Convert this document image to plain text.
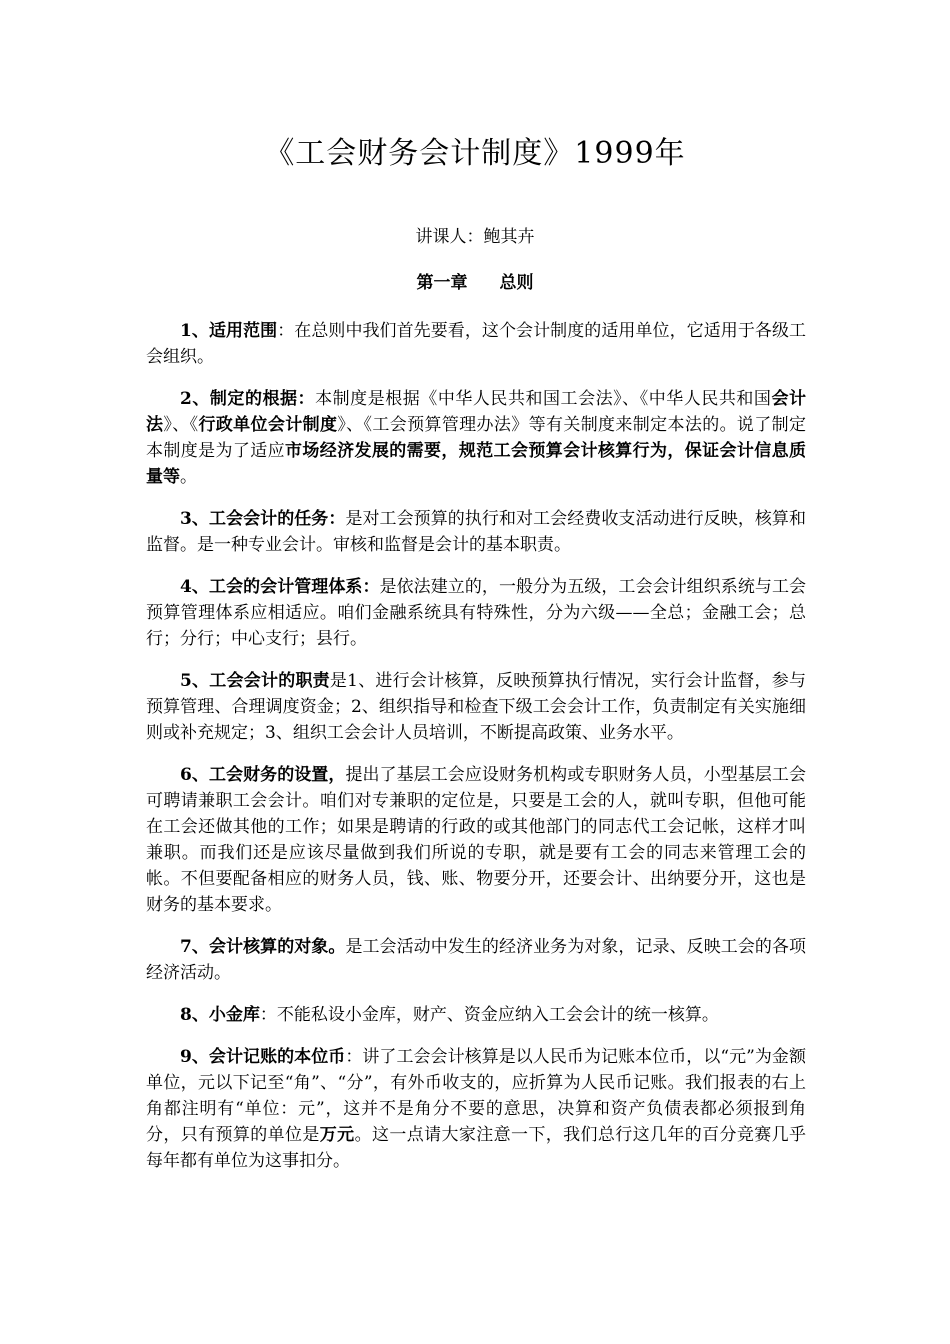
《工会财务会计制度》1999年
讲课人：鲍其卉
第一章 总则

1、适用范围：在总则中我们首先要看，这个会计制度的适用单位，它适用于各级工会组织。

2、制定的根据：本制度是根据《中华人民共和国工会法》、《中华人民共和国会计法》、《行政单位会计制度》、《工会预算管理办法》等有关制度来制定本法的。说了制定本制度是为了适应市场经济发展的需要，规范工会预算会计核算行为，保证会计信息质量等。

3、工会会计的任务：是对工会预算的执行和对工会经费收支活动进行反映，核算和监督。是一种专业会计。审核和监督是会计的基本职责。

4、工会的会计管理体系：是依法建立的，一般分为五级，工会会计组织系统与工会预算管理体系应相适应。咱们金融系统具有特殊性，分为六级——全总；金融工会；总行；分行；中心支行；县行。

5、工会会计的职责是1、进行会计核算，反映预算执行情况，实行会计监督，参与预算管理、合理调度资金；2、组织指导和检查下级工会会计工作，负责制定有关实施细则或补充规定；3、组织工会会计人员培训，不断提高政策、业务水平。

6、工会财务的设置，提出了基层工会应设财务机构或专职财务人员，小型基层工会可聘请兼职工会会计。咱们对专兼职的定位是，只要是工会的人，就叫专职，但他可能在工会还做其他的工作；如果是聘请的行政的或其他部门的同志代工会记帐，这样才叫兼职。而我们还是应该尽量做到我们所说的专职，就是要有工会的同志来管理工会的帐。不但要配备相应的财务人员，钱、账、物要分开，还要会计、出纳要分开，这也是财务的基本要求。

7、会计核算的对象。是工会活动中发生的经济业务为对象，记录、反映工会的各项经济活动。

8、小金库：不能私设小金库，财产、资金应纳入工会会计的统一核算。

9、会计记账的本位币：讲了工会会计核算是以人民币为记账本位币，以“元”为金额单位，元以下记至“角”、“分”，有外币收支的，应折算为人民币记账。我们报表的右上角都注明有“单位：元”，这并不是角分不要的意思，决算和资产负债表都必须报到角分，只有预算的单位是万元。这一点请大家注意一下，我们总行这几年的百分竞赛几乎每年都有单位为这事扣分。
